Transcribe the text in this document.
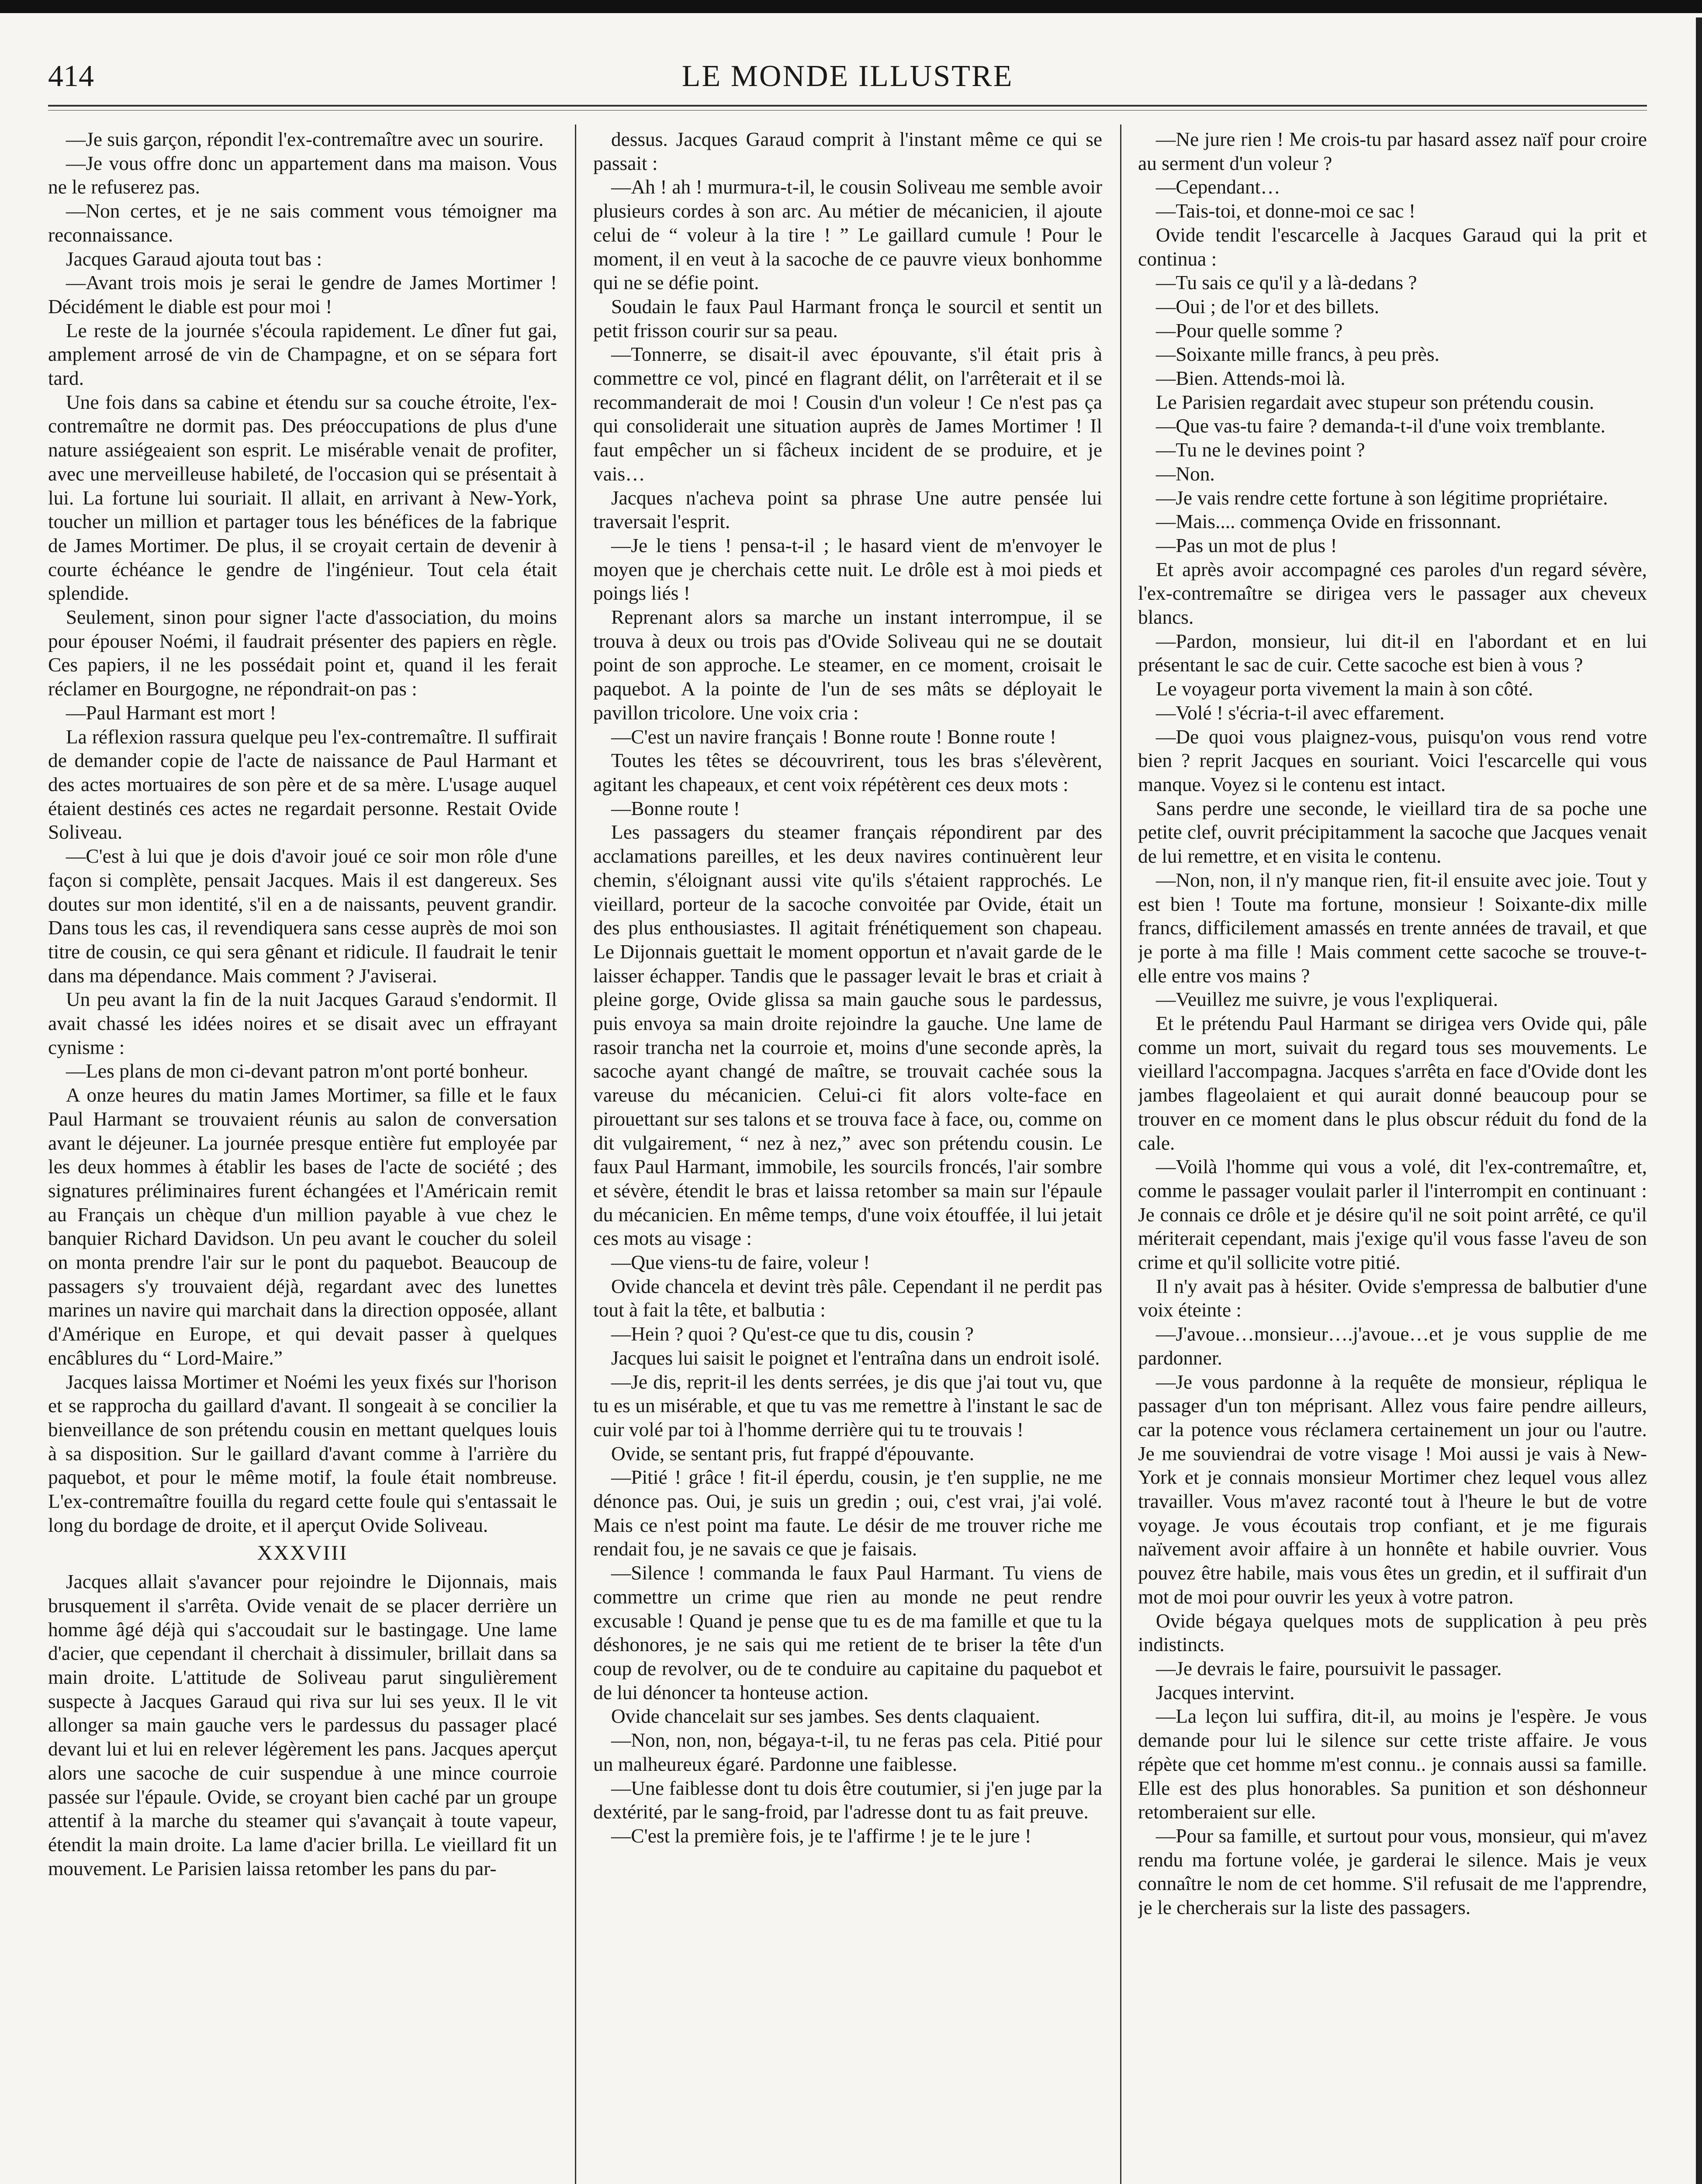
414	LE MONDE ILLUSTRE

—Je suis garçon, répondit l'ex-contremaître avec un sourire.

—Je vous offre donc un appartement dans ma maison. Vous ne le refuserez pas.

—Non certes, et je ne sais comment vous témoigner ma reconnaissance.

Jacques Garaud ajouta tout bas :

—Avant trois mois je serai le gendre de James Mortimer ! Décidément le diable est pour moi !

Le reste de la journée s'écoula rapidement. Le dîner fut gai, amplement arrosé de vin de Champagne, et on se sépara fort tard.

Une fois dans sa cabine et étendu sur sa couche étroite, l'ex-contremaître ne dormit pas. Des préoccupations de plus d'une nature assiégeaient son esprit. Le misérable venait de profiter, avec une merveilleuse habileté, de l'occasion qui se présentait à lui. La fortune lui souriait. Il allait, en arrivant à New-York, toucher un million et partager tous les bénéfices de la fabrique de James Mortimer. De plus, il se croyait certain de devenir à courte échéance le gendre de l'ingénieur. Tout cela était splendide.

Seulement, sinon pour signer l'acte d'association, du moins pour épouser Noémi, il faudrait présenter des papiers en règle. Ces papiers, il ne les possédait point et, quand il les ferait réclamer en Bourgogne, ne répondrait-on pas :

—Paul Harmant est mort !

La réflexion rassura quelque peu l'ex-contremaître. Il suffirait de demander copie de l'acte de naissance de Paul Harmant et des actes mortuaires de son père et de sa mère. L'usage auquel étaient destinés ces actes ne regardait personne. Restait Ovide Soliveau.

—C'est à lui que je dois d'avoir joué ce soir mon rôle d'une façon si complète, pensait Jacques. Mais il est dangereux. Ses doutes sur mon identité, s'il en a de naissants, peuvent grandir. Dans tous les cas, il revendiquera sans cesse auprès de moi son titre de cousin, ce qui sera gênant et ridicule. Il faudrait le tenir dans ma dépendance. Mais comment ? J'aviserai.

Un peu avant la fin de la nuit Jacques Garaud s'endormit. Il avait chassé les idées noires et se disait avec un effrayant cynisme :

—Les plans de mon ci-devant patron m'ont porté bonheur.

A onze heures du matin James Mortimer, sa fille et le faux Paul Harmant se trouvaient réunis au salon de conversation avant le déjeuner. La journée presque entière fut employée par les deux hommes à établir les bases de l'acte de société ; des signatures préliminaires furent échangées et l'Américain remit au Français un chèque d'un million payable à vue chez le banquier Richard Davidson. Un peu avant le coucher du soleil on monta prendre l'air sur le pont du paquebot. Beaucoup de passagers s'y trouvaient déjà, regardant avec des lunettes marines un navire qui marchait dans la direction opposée, allant d'Amérique en Europe, et qui devait passer à quelques encâblures du “ Lord-Maire.”

Jacques laissa Mortimer et Noémi les yeux fixés sur l'horison et se rapprocha du gaillard d'avant. Il songeait à se concilier la bienveillance de son prétendu cousin en mettant quelques louis à sa disposition. Sur le gaillard d'avant comme à l'arrière du paquebot, et pour le même motif, la foule était nombreuse. L'ex-contremaître fouilla du regard cette foule qui s'entassait le long du bordage de droite, et il aperçut Ovide Soliveau.

XXXVIII

Jacques allait s'avancer pour rejoindre le Dijonnais, mais brusquement il s'arrêta. Ovide venait de se placer derrière un homme âgé déjà qui s'accoudait sur le bastingage. Une lame d'acier, que cependant il cherchait à dissimuler, brillait dans sa main droite. L'attitude de Soliveau parut singulièrement suspecte à Jacques Garaud qui riva sur lui ses yeux. Il le vit allonger sa main gauche vers le pardessus du passager placé devant lui et lui en relever légèrement les pans. Jacques aperçut alors une sacoche de cuir suspendue à une mince courroie passée sur l'épaule. Ovide, se croyant bien caché par un groupe attentif à la marche du steamer qui s'avançait à toute vapeur, étendit la main droite. La lame d'acier brilla. Le vieillard fit un mouvement. Le Parisien laissa retomber les pans du par-

dessus. Jacques Garaud comprit à l'instant même ce qui se passait :

—Ah ! ah ! murmura-t-il, le cousin Soliveau me semble avoir plusieurs cordes à son arc. Au métier de mécanicien, il ajoute celui de “ voleur à la tire ! ” Le gaillard cumule ! Pour le moment, il en veut à la sacoche de ce pauvre vieux bonhomme qui ne se défie point.

Soudain le faux Paul Harmant fronça le sourcil et sentit un petit frisson courir sur sa peau.

—Tonnerre, se disait-il avec épouvante, s'il était pris à commettre ce vol, pincé en flagrant délit, on l'arrêterait et il se recommanderait de moi ! Cousin d'un voleur ! Ce n'est pas ça qui consoliderait une situation auprès de James Mortimer ! Il faut empêcher un si fâcheux incident de se produire, et je vais…

Jacques n'acheva point sa phrase Une autre pensée lui traversait l'esprit.

—Je le tiens ! pensa-t-il ; le hasard vient de m'envoyer le moyen que je cherchais cette nuit. Le drôle est à moi pieds et poings liés !

Reprenant alors sa marche un instant interrompue, il se trouva à deux ou trois pas d'Ovide Soliveau qui ne se doutait point de son approche. Le steamer, en ce moment, croisait le paquebot. A la pointe de l'un de ses mâts se déployait le pavillon tricolore. Une voix cria :

—C'est un navire français ! Bonne route ! Bonne route !

Toutes les têtes se découvrirent, tous les bras s'élevèrent, agitant les chapeaux, et cent voix répétèrent ces deux mots :

—Bonne route !

Les passagers du steamer français répondirent par des acclamations pareilles, et les deux navires continuèrent leur chemin, s'éloignant aussi vite qu'ils s'étaient rapprochés. Le vieillard, porteur de la sacoche convoitée par Ovide, était un des plus enthousiastes. Il agitait frénétiquement son chapeau. Le Dijonnais guettait le moment opportun et n'avait garde de le laisser échapper. Tandis que le passager levait le bras et criait à pleine gorge, Ovide glissa sa main gauche sous le pardessus, puis envoya sa main droite rejoindre la gauche. Une lame de rasoir trancha net la courroie et, moins d'une seconde après, la sacoche ayant changé de maître, se trouvait cachée sous la vareuse du mécanicien. Celui-ci fit alors volte-face en pirouettant sur ses talons et se trouva face à face, ou, comme on dit vulgairement, “ nez à nez,” avec son prétendu cousin. Le faux Paul Harmant, immobile, les sourcils froncés, l'air sombre et sévère, étendit le bras et laissa retomber sa main sur l'épaule du mécanicien. En même temps, d'une voix étouffée, il lui jetait ces mots au visage :

—Que viens-tu de faire, voleur !

Ovide chancela et devint très pâle. Cependant il ne perdit pas tout à fait la tête, et balbutia :

—Hein ? quoi ? Qu'est-ce que tu dis, cousin ?

Jacques lui saisit le poignet et l'entraîna dans un endroit isolé.

—Je dis, reprit-il les dents serrées, je dis que j'ai tout vu, que tu es un misérable, et que tu vas me remettre à l'instant le sac de cuir volé par toi à l'homme derrière qui tu te trouvais !

Ovide, se sentant pris, fut frappé d'épouvante.

—Pitié ! grâce ! fit-il éperdu, cousin, je t'en supplie, ne me dénonce pas. Oui, je suis un gredin ; oui, c'est vrai, j'ai volé. Mais ce n'est point ma faute. Le désir de me trouver riche me rendait fou, je ne savais ce que je faisais.

—Silence ! commanda le faux Paul Harmant. Tu viens de commettre un crime que rien au monde ne peut rendre excusable ! Quand je pense que tu es de ma famille et que tu la déshonores, je ne sais qui me retient de te briser la tête d'un coup de revolver, ou de te conduire au capitaine du paquebot et de lui dénoncer ta honteuse action.

Ovide chancelait sur ses jambes. Ses dents claquaient.

—Non, non, non, bégaya-t-il, tu ne feras pas cela. Pitié pour un malheureux égaré. Pardonne une faiblesse.

—Une faiblesse dont tu dois être coutumier, si j'en juge par la dextérité, par le sang-froid, par l'adresse dont tu as fait preuve.

—C'est la première fois, je te l'affirme ! je te le jure !

—Ne jure rien ! Me crois-tu par hasard assez naïf pour croire au serment d'un voleur ?

—Cependant…

—Tais-toi, et donne-moi ce sac !

Ovide tendit l'escarcelle à Jacques Garaud qui la prit et continua :

—Tu sais ce qu'il y a là-dedans ?

—Oui ; de l'or et des billets.

—Pour quelle somme ?

—Soixante mille francs, à peu près.

—Bien. Attends-moi là.

Le Parisien regardait avec stupeur son prétendu cousin.

—Que vas-tu faire ? demanda-t-il d'une voix tremblante.

—Tu ne le devines point ?

—Non.

—Je vais rendre cette fortune à son légitime propriétaire.

—Mais.... commença Ovide en frissonnant.

—Pas un mot de plus !

Et après avoir accompagné ces paroles d'un regard sévère, l'ex-contremaître se dirigea vers le passager aux cheveux blancs.

—Pardon, monsieur, lui dit-il en l'abordant et en lui présentant le sac de cuir. Cette sacoche est bien à vous ?

Le voyageur porta vivement la main à son côté.

—Volé ! s'écria-t-il avec effarement.

—De quoi vous plaignez-vous, puisqu'on vous rend votre bien ? reprit Jacques en souriant. Voici l'escarcelle qui vous manque. Voyez si le contenu est intact.

Sans perdre une seconde, le vieillard tira de sa poche une petite clef, ouvrit précipitamment la sacoche que Jacques venait de lui remettre, et en visita le contenu.

—Non, non, il n'y manque rien, fit-il ensuite avec joie. Tout y est bien ! Toute ma fortune, monsieur ! Soixante-dix mille francs, difficilement amassés en trente années de travail, et que je porte à ma fille ! Mais comment cette sacoche se trouve-t-elle entre vos mains ?

—Veuillez me suivre, je vous l'expliquerai.

Et le prétendu Paul Harmant se dirigea vers Ovide qui, pâle comme un mort, suivait du regard tous ses mouvements. Le vieillard l'accompagna. Jacques s'arrêta en face d'Ovide dont les jambes flageolaient et qui aurait donné beaucoup pour se trouver en ce moment dans le plus obscur réduit du fond de la cale.

—Voilà l'homme qui vous a volé, dit l'ex-contremaître, et, comme le passager voulait parler il l'interrompit en continuant : Je connais ce drôle et je désire qu'il ne soit point arrêté, ce qu'il mériterait cependant, mais j'exige qu'il vous fasse l'aveu de son crime et qu'il sollicite votre pitié.

Il n'y avait pas à hésiter. Ovide s'empressa de balbutier d'une voix éteinte :

—J'avoue…monsieur….j'avoue…et je vous supplie de me pardonner.

—Je vous pardonne à la requête de monsieur, répliqua le passager d'un ton méprisant. Allez vous faire pendre ailleurs, car la potence vous réclamera certainement un jour ou l'autre. Je me souviendrai de votre visage ! Moi aussi je vais à New-York et je connais monsieur Mortimer chez lequel vous allez travailler. Vous m'avez raconté tout à l'heure le but de votre voyage. Je vous écoutais trop confiant, et je me figurais naïvement avoir affaire à un honnête et habile ouvrier. Vous pouvez être habile, mais vous êtes un gredin, et il suffirait d'un mot de moi pour ouvrir les yeux à votre patron.

Ovide bégaya quelques mots de supplication à peu près indistincts.

—Je devrais le faire, poursuivit le passager.

Jacques intervint.

—La leçon lui suffira, dit-il, au moins je l'espère. Je vous demande pour lui le silence sur cette triste affaire. Je vous répète que cet homme m'est connu.. je connais aussi sa famille. Elle est des plus honorables. Sa punition et son déshonneur retomberaient sur elle.

—Pour sa famille, et surtout pour vous, monsieur, qui m'avez rendu ma fortune volée, je garderai le silence. Mais je veux connaître le nom de cet homme. S'il refusait de me l'apprendre, je le chercherais sur la liste des passagers.
